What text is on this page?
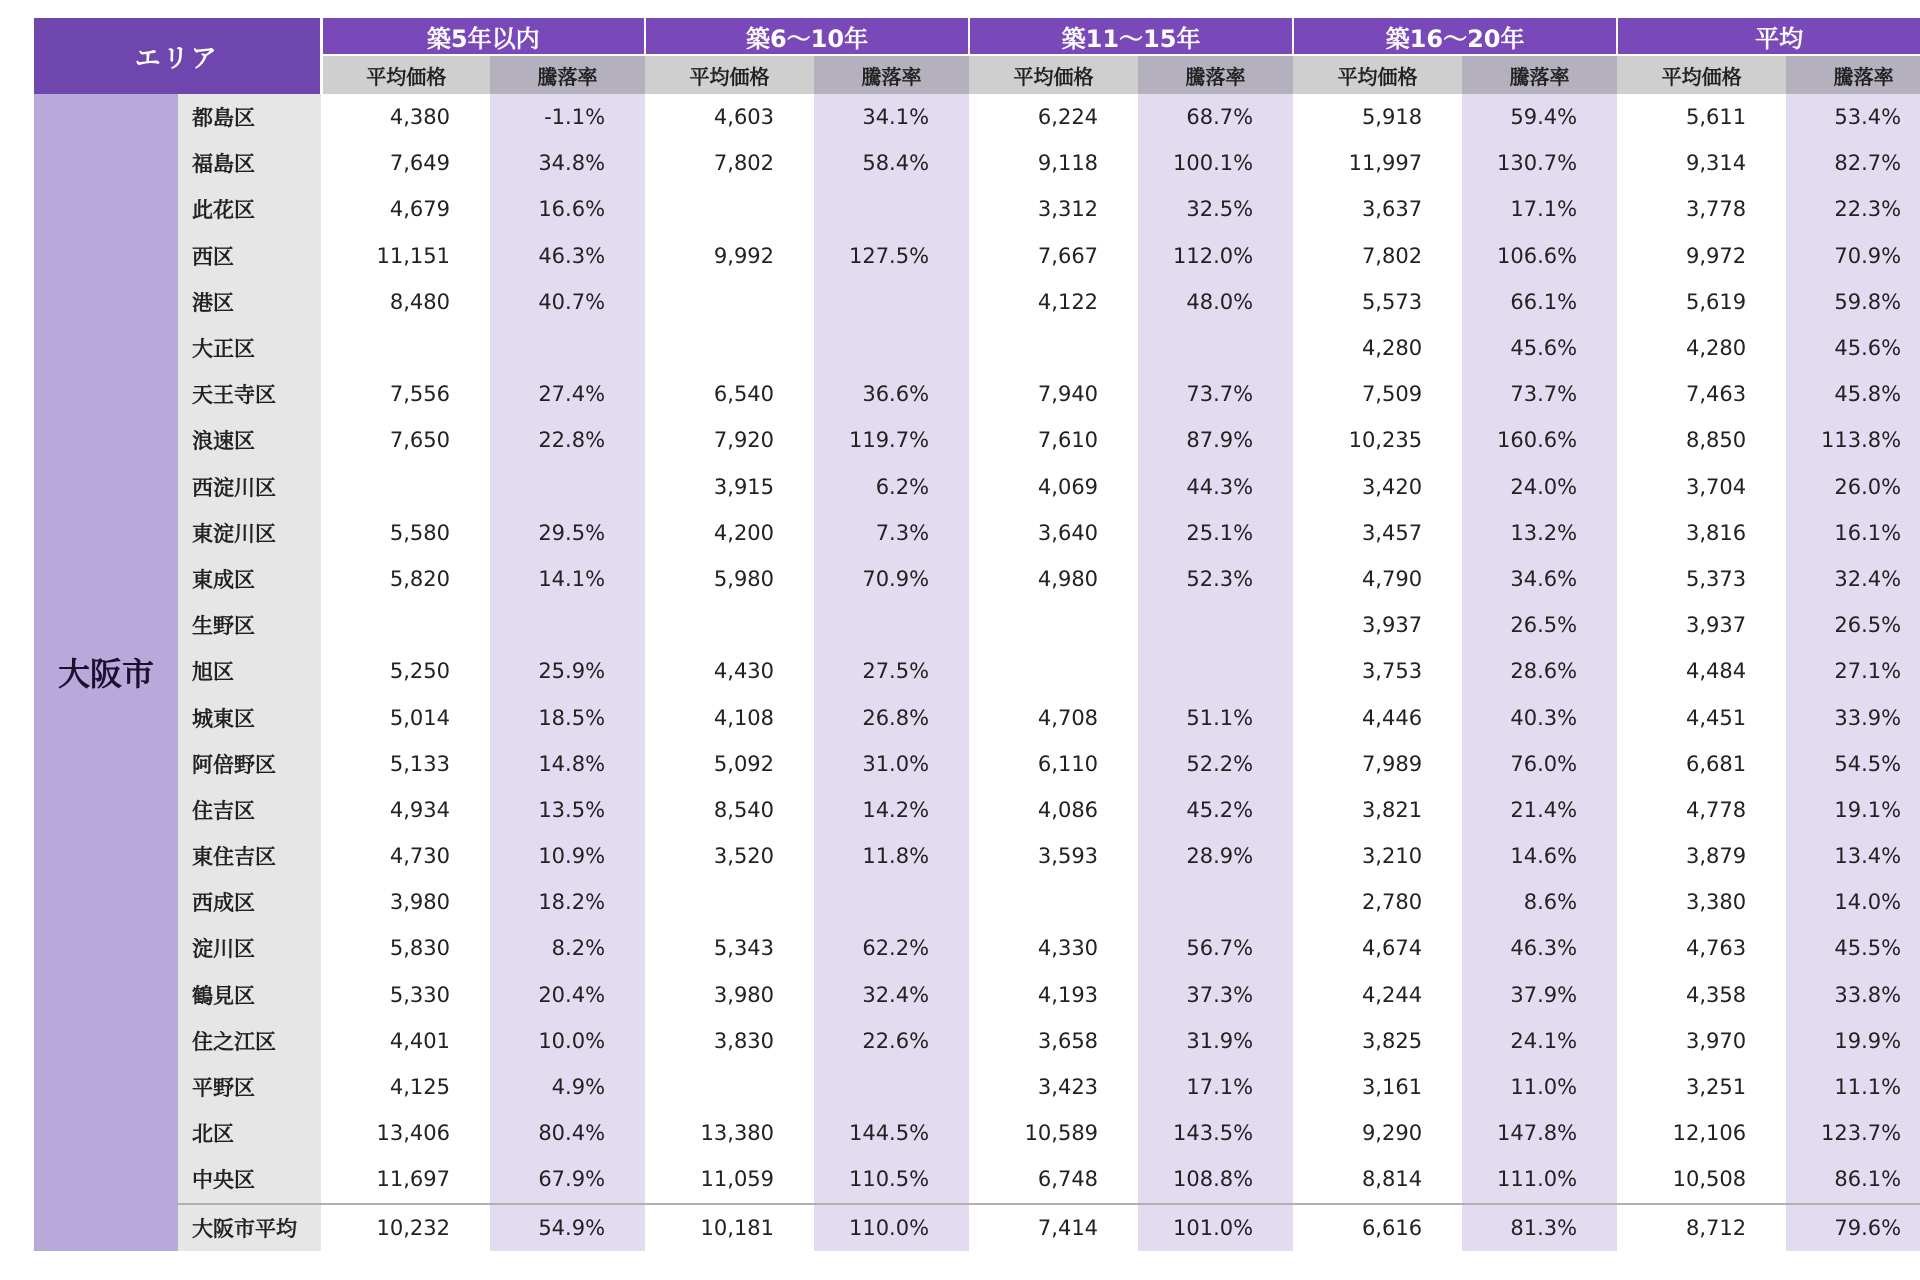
エリア		築5年以内		築6〜10年		築11〜15年		築16〜20年		平均	
		平均価格	騰落率	平均価格	騰落率	平均価格	騰落率	平均価格	騰落率	平均価格	騰落率
大阪市	都島区	4,380	-1.1%	4,603	34.1%	6,224	68.7%	5,918	59.4%	5,611	53.4%
	福島区	7,649	34.8%	7,802	58.4%	9,118	100.1%	11,997	130.7%	9,314	82.7%
	此花区	4,679	16.6%			3,312	32.5%	3,637	17.1%	3,778	22.3%
	西区	11,151	46.3%	9,992	127.5%	7,667	112.0%	7,802	106.6%	9,972	70.9%
	港区	8,480	40.7%			4,122	48.0%	5,573	66.1%	5,619	59.8%
	大正区							4,280	45.6%	4,280	45.6%
	天王寺区	7,556	27.4%	6,540	36.6%	7,940	73.7%	7,509	73.7%	7,463	45.8%
	浪速区	7,650	22.8%	7,920	119.7%	7,610	87.9%	10,235	160.6%	8,850	113.8%
	西淀川区			3,915	6.2%	4,069	44.3%	3,420	24.0%	3,704	26.0%
	東淀川区	5,580	29.5%	4,200	7.3%	3,640	25.1%	3,457	13.2%	3,816	16.1%
	東成区	5,820	14.1%	5,980	70.9%	4,980	52.3%	4,790	34.6%	5,373	32.4%
	生野区							3,937	26.5%	3,937	26.5%
	旭区	5,250	25.9%	4,430	27.5%			3,753	28.6%	4,484	27.1%
	城東区	5,014	18.5%	4,108	26.8%	4,708	51.1%	4,446	40.3%	4,451	33.9%
	阿倍野区	5,133	14.8%	5,092	31.0%	6,110	52.2%	7,989	76.0%	6,681	54.5%
	住吉区	4,934	13.5%	8,540	14.2%	4,086	45.2%	3,821	21.4%	4,778	19.1%
	東住吉区	4,730	10.9%	3,520	11.8%	3,593	28.9%	3,210	14.6%	3,879	13.4%
	西成区	3,980	18.2%					2,780	8.6%	3,380	14.0%
	淀川区	5,830	8.2%	5,343	62.2%	4,330	56.7%	4,674	46.3%	4,763	45.5%
	鶴見区	5,330	20.4%	3,980	32.4%	4,193	37.3%	4,244	37.9%	4,358	33.8%
	住之江区	4,401	10.0%	3,830	22.6%	3,658	31.9%	3,825	24.1%	3,970	19.9%
	平野区	4,125	4.9%			3,423	17.1%	3,161	11.0%	3,251	11.1%
	北区	13,406	80.4%	13,380	144.5%	10,589	143.5%	9,290	147.8%	12,106	123.7%
	中央区	11,697	67.9%	11,059	110.5%	6,748	108.8%	8,814	111.0%	10,508	86.1%
	大阪市平均	10,232	54.9%	10,181	110.0%	7,414	101.0%	6,616	81.3%	8,712	79.6%
